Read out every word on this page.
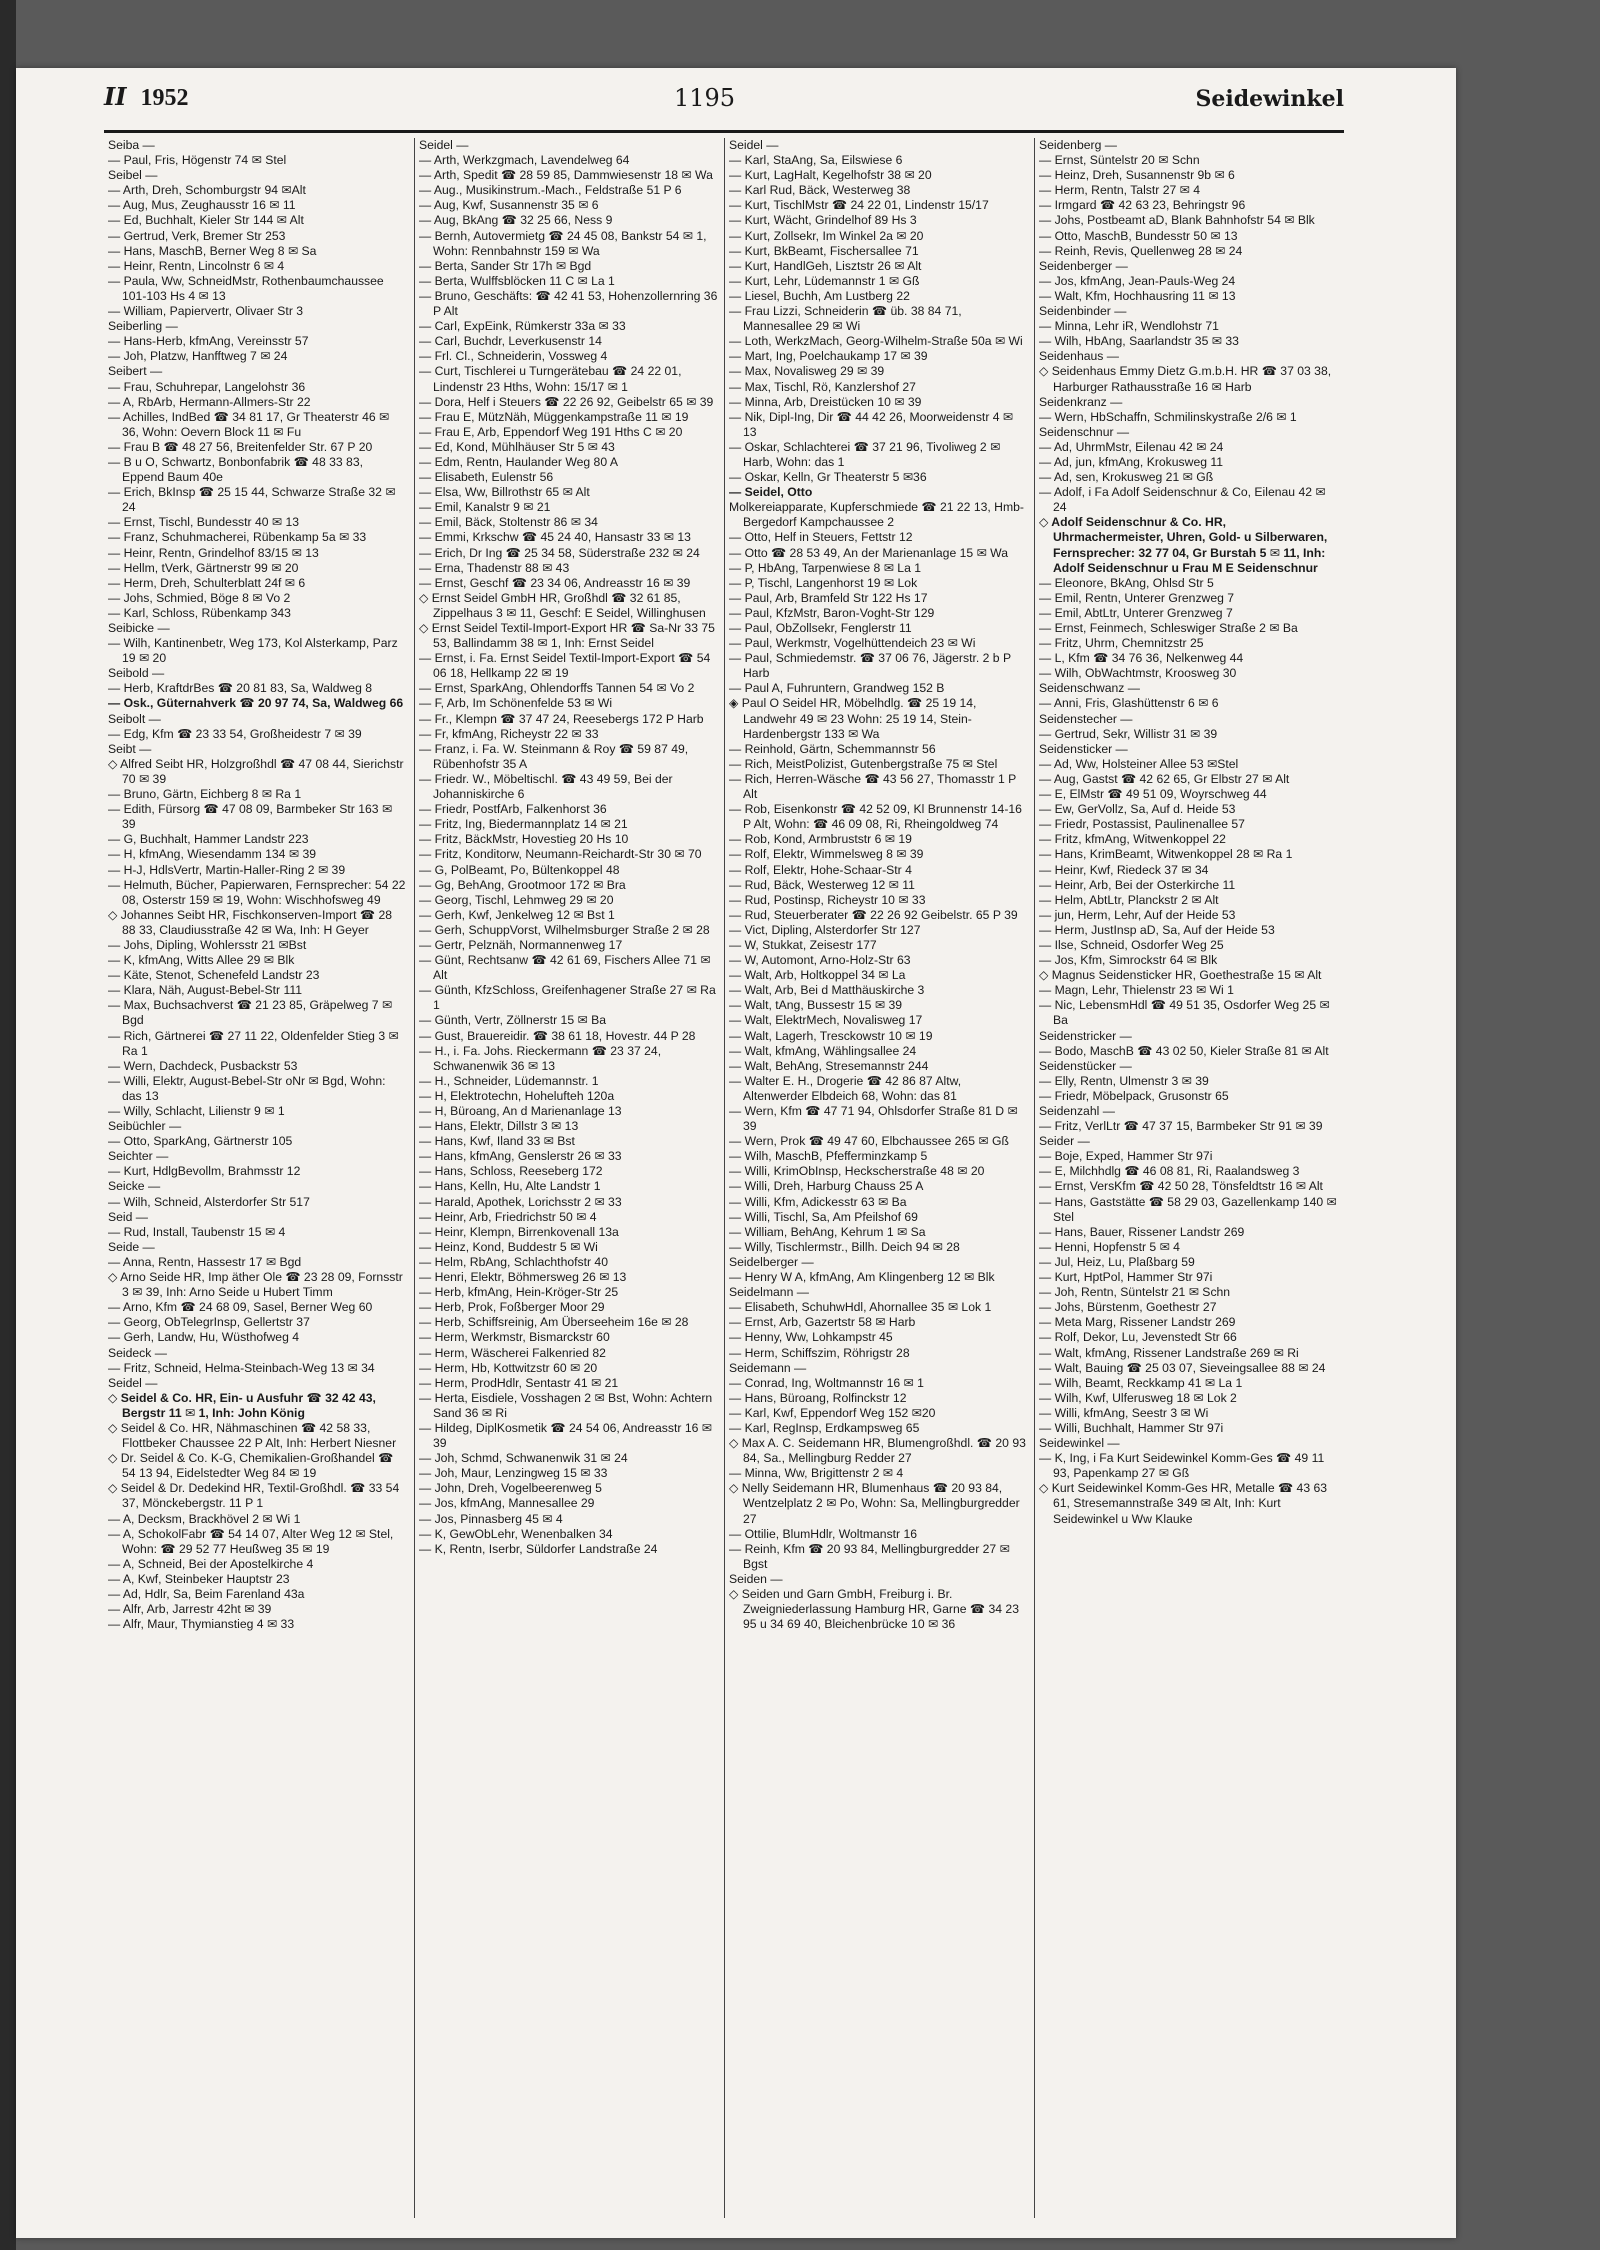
II 1952	1195	Seidewinkel

Seiba —

— Paul, Fris, Högenstr 74 ✉ Stel

Seibel —

— Arth, Dreh, Schomburgstr 94 ✉Alt

— Aug, Mus, Zeughausstr 16 ✉ 11

— Ed, Buchhalt, Kieler Str 144 ✉ Alt

— Gertrud, Verk, Bremer Str 253

— Hans, MaschB, Berner Weg 8 ✉ Sa

— Heinr, Rentn, Lincolnstr 6 ✉ 4

— Paula, Ww, SchneidMstr, Rothenbaumchaussee 101-103 Hs 4 ✉ 13

— William, Papiervertr, Olivaer Str 3

Seiberling —

— Hans-Herb, kfmAng, Vereinsstr 57

— Joh, Platzw, Hanfftweg 7 ✉ 24

Seibert —

— Frau, Schuhrepar, Langelohstr 36

— A, RbArb, Hermann-Allmers-Str 22

— Achilles, IndBed ☎ 34 81 17, Gr Theaterstr 46 ✉ 36, Wohn: Oevern Block 11 ✉ Fu

— Frau B ☎ 48 27 56, Breitenfelder Str. 67 P 20

— B u O, Schwartz, Bonbonfabrik ☎ 48 33 83, Eppend Baum 40e

— Erich, BkInsp ☎ 25 15 44, Schwarze Straße 32 ✉ 24

— Ernst, Tischl, Bundesstr 40 ✉ 13

— Franz, Schuhmacherei, Rübenkamp 5a ✉ 33

— Heinr, Rentn, Grindelhof 83/15 ✉ 13

— Hellm, tVerk, Gärtnerstr 99 ✉ 20

— Herm, Dreh, Schulterblatt 24f ✉ 6

— Johs, Schmied, Böge 8 ✉ Vo 2

— Karl, Schloss, Rübenkamp 343

Seibicke —

— Wilh, Kantinenbetr, Weg 173, Kol Alsterkamp, Parz 19 ✉ 20

Seibold —

— Herb, KraftdrBes ☎ 20 81 83, Sa, Waldweg 8

— Osk., Güternahverk ☎ 20 97 74, Sa, Waldweg 66

Seibolt —

— Edg, Kfm ☎ 23 33 54, Großheidestr 7 ✉ 39

Seibt —

◇ Alfred Seibt HR, Holzgroßhdl ☎ 47 08 44, Sierichstr 70 ✉ 39

— Bruno, Gärtn, Eichberg 8 ✉ Ra 1

— Edith, Fürsorg ☎ 47 08 09, Barmbeker Str 163 ✉ 39

— G, Buchhalt, Hammer Landstr 223

— H, kfmAng, Wiesendamm 134 ✉ 39

— H-J, HdlsVertr, Martin-Haller-Ring 2 ✉ 39

— Helmuth, Bücher, Papierwaren, Fernsprecher: 54 22 08, Osterstr 159 ✉ 19, Wohn: Wischhofsweg 49

◇ Johannes Seibt HR, Fischkonserven-Import ☎ 28 88 33, Claudiusstraße 42 ✉ Wa, Inh: H Geyer

— Johs, Dipling, Wohlersstr 21 ✉Bst

— K, kfmAng, Witts Allee 29 ✉ Blk

— Käte, Stenot, Schenefeld Landstr 23

— Klara, Näh, August-Bebel-Str 111

— Max, Buchsachverst ☎ 21 23 85, Gräpelweg 7 ✉ Bgd

— Rich, Gärtnerei ☎ 27 11 22, Oldenfelder Stieg 3 ✉ Ra 1

— Wern, Dachdeck, Pusbackstr 53

— Willi, Elektr, August-Bebel-Str oNr ✉ Bgd, Wohn: das 13

— Willy, Schlacht, Lilienstr 9 ✉ 1

Seibüchler —

— Otto, SparkAng, Gärtnerstr 105

Seichter —

— Kurt, HdlgBevollm, Brahmsstr 12

Seicke —

— Wilh, Schneid, Alsterdorfer Str 517

Seid —

— Rud, Install, Taubenstr 15 ✉ 4

Seide —

— Anna, Rentn, Hassestr 17 ✉ Bgd

◇ Arno Seide HR, Imp äther Ole ☎ 23 28 09, Fornsstr 3 ✉ 39, Inh: Arno Seide u Hubert Timm

— Arno, Kfm ☎ 24 68 09, Sasel, Berner Weg 60

— Georg, ObTelegrInsp, Gellertstr 37

— Gerh, Landw, Hu, Wüsthofweg 4

Seideck —

— Fritz, Schneid, Helma-Steinbach-Weg 13 ✉ 34

Seidel —

◇ Seidel & Co. HR, Ein- u Ausfuhr ☎ 32 42 43, Bergstr 11 ✉ 1, Inh: John König

◇ Seidel & Co. HR, Nähmaschinen ☎ 42 58 33, Flottbeker Chaussee 22 P Alt, Inh: Herbert Niesner

◇ Dr. Seidel & Co. K-G, Chemikalien-Großhandel ☎ 54 13 94, Eidelstedter Weg 84 ✉ 19

◇ Seidel & Dr. Dedekind HR, Textil-Großhdl. ☎ 33 54 37, Mönckebergstr. 11 P 1

— A, Decksm, Brackhövel 2 ✉ Wi 1

— A, SchokolFabr ☎ 54 14 07, Alter Weg 12 ✉ Stel, Wohn: ☎ 29 52 77 Heußweg 35 ✉ 19

— A, Schneid, Bei der Apostelkirche 4

— A, Kwf, Steinbeker Hauptstr 23

— Ad, Hdlr, Sa, Beim Farenland 43a

— Alfr, Arb, Jarrestr 42ht ✉ 39

— Alfr, Maur, Thymianstieg 4 ✉ 33

Seidel —

— Arth, Werkzgmach, Lavendelweg 64

— Arth, Spedit ☎ 28 59 85, Dammwiesenstr 18 ✉ Wa

— Aug., Musikinstrum.-Mach., Feldstraße 51 P 6

— Aug, Kwf, Susannenstr 35 ✉ 6

— Aug, BkAng ☎ 32 25 66, Ness 9

— Bernh, Autovermietg ☎ 24 45 08, Bankstr 54 ✉ 1, Wohn: Rennbahnstr 159 ✉ Wa

— Berta, Sander Str 17h ✉ Bgd

— Berta, Wulffsblöcken 11 C ✉ La 1

— Bruno, Geschäfts: ☎ 42 41 53, Hohenzollernring 36 P Alt

— Carl, ExpEink, Rümkerstr 33a ✉ 33

— Carl, Buchdr, Leverkusenstr 14

— Frl. Cl., Schneiderin, Vossweg 4

— Curt, Tischlerei u Turngerätebau ☎ 24 22 01, Lindenstr 23 Hths, Wohn: 15/17 ✉ 1

— Dora, Helf i Steuers ☎ 22 26 92, Geibelstr 65 ✉ 39

— Frau E, MützNäh, Müggenkampstraße 11 ✉ 19

— Frau E, Arb, Eppendorf Weg 191 Hths C ✉ 20

— Ed, Kond, Mühlhäuser Str 5 ✉ 43

— Edm, Rentn, Haulander Weg 80 A

— Elisabeth, Eulenstr 56

— Elsa, Ww, Billrothstr 65 ✉ Alt

— Emil, Kanalstr 9 ✉ 21

— Emil, Bäck, Stoltenstr 86 ✉ 34

— Emmi, Krkschw ☎ 45 24 40, Hansastr 33 ✉ 13

— Erich, Dr Ing ☎ 25 34 58, Süderstraße 232 ✉ 24

— Erna, Thadenstr 88 ✉ 43

— Ernst, Geschf ☎ 23 34 06, Andreasstr 16 ✉ 39

◇ Ernst Seidel GmbH HR, Großhdl ☎ 32 61 85, Zippelhaus 3 ✉ 11, Geschf: E Seidel, Willinghusen

◇ Ernst Seidel Textil-Import-Export HR ☎ Sa-Nr 33 75 53, Ballindamm 38 ✉ 1, Inh: Ernst Seidel

— Ernst, i. Fa. Ernst Seidel Textil-Import-Export ☎ 54 06 18, Hellkamp 22 ✉ 19

— Ernst, SparkAng, Ohlendorffs Tannen 54 ✉ Vo 2

— F, Arb, Im Schönenfelde 53 ✉ Wi

— Fr., Klempn ☎ 37 47 24, Reesebergs 172 P Harb

— Fr, kfmAng, Richeystr 22 ✉ 33

— Franz, i. Fa. W. Steinmann & Roy ☎ 59 87 49, Rübenhofstr 35 A

— Friedr. W., Möbeltischl. ☎ 43 49 59, Bei der Johanniskirche 6

— Friedr, PostfArb, Falkenhorst 36

— Fritz, Ing, Biedermannplatz 14 ✉ 21

— Fritz, BäckMstr, Hovestieg 20 Hs 10

— Fritz, Konditorw, Neumann-Reichardt-Str 30 ✉ 70

— G, PolBeamt, Po, Bültenkoppel 48

— Gg, BehAng, Grootmoor 172 ✉ Bra

— Georg, Tischl, Lehmweg 29 ✉ 20

— Gerh, Kwf, Jenkelweg 12 ✉ Bst 1

— Gerh, SchuppVorst, Wilhelmsburger Straße 2 ✉ 28

— Gertr, Pelznäh, Normannenweg 17

— Günt, Rechtsanw ☎ 42 61 69, Fischers Allee 71 ✉ Alt

— Günth, KfzSchloss, Greifenhagener Straße 27 ✉ Ra 1

— Günth, Vertr, Zöllnerstr 15 ✉ Ba

— Gust, Brauereidir. ☎ 38 61 18, Hovestr. 44 P 28

— H., i. Fa. Johs. Rieckermann ☎ 23 37 24, Schwanenwik 36 ✉ 13

— H., Schneider, Lüdemannstr. 1

— H, Elektrotechn, Hohelufteh 120a

— H, Büroang, An d Marienanlage 13

— Hans, Elektr, Dillstr 3 ✉ 13

— Hans, Kwf, Iland 33 ✉ Bst

— Hans, kfmAng, Genslerstr 26 ✉ 33

— Hans, Schloss, Reeseberg 172

— Hans, Kelln, Hu, Alte Landstr 1

— Harald, Apothek, Lorichsstr 2 ✉ 33

— Heinr, Arb, Friedrichstr 50 ✉ 4

— Heinr, Klempn, Birrenkovenall 13a

— Heinz, Kond, Buddestr 5 ✉ Wi

— Helm, RbAng, Schlachthofstr 40

— Henri, Elektr, Böhmersweg 26 ✉ 13

— Herb, kfmAng, Hein-Kröger-Str 25

— Herb, Prok, Foßberger Moor 29

— Herb, Schiffsreinig, Am Überseeheim 16e ✉ 28

— Herm, Werkmstr, Bismarckstr 60

— Herm, Wäscherei Falkenried 82

— Herm, Hb, Kottwitzstr 60 ✉ 20

— Herm, ProdHdlr, Sentastr 41 ✉ 21

— Herta, Eisdiele, Vosshagen 2 ✉ Bst, Wohn: Achtern Sand 36 ✉ Ri

— Hildeg, DiplKosmetik ☎ 24 54 06, Andreasstr 16 ✉ 39

— Joh, Schmd, Schwanenwik 31 ✉ 24

— Joh, Maur, Lenzingweg 15 ✉ 33

— John, Dreh, Vogelbeerenweg 5

— Jos, kfmAng, Mannesallee 29

— Jos, Pinnasberg 45 ✉ 4

— K, GewObLehr, Wenenbalken 34

— K, Rentn, Iserbr, Süldorfer Landstraße 24

Seidel —

— Karl, StaAng, Sa, Eilswiese 6

— Kurt, LagHalt, Kegelhofstr 38 ✉ 20

— Karl Rud, Bäck, Westerweg 38

— Kurt, TischlMstr ☎ 24 22 01, Lindenstr 15/17

— Kurt, Wächt, Grindelhof 89 Hs 3

— Kurt, Zollsekr, Im Winkel 2a ✉ 20

— Kurt, BkBeamt, Fischersallee 71

— Kurt, HandlGeh, Lisztstr 26 ✉ Alt

— Kurt, Lehr, Lüdemannstr 1 ✉ Gß

— Liesel, Buchh, Am Lustberg 22

— Frau Lizzi, Schneiderin ☎ üb. 38 84 71, Mannesallee 29 ✉ Wi

— Loth, WerkzMach, Georg-Wilhelm-Straße 50a ✉ Wi

— Mart, Ing, Poelchaukamp 17 ✉ 39

— Max, Novalisweg 29 ✉ 39

— Max, Tischl, Rö, Kanzlershof 27

— Minna, Arb, Dreistücken 10 ✉ 39

— Nik, Dipl-Ing, Dir ☎ 44 42 26, Moorweidenstr 4 ✉ 13

— Oskar, Schlachterei ☎ 37 21 96, Tivoliweg 2 ✉ Harb, Wohn: das 1

— Oskar, Kelln, Gr Theaterstr 5 ✉36

— Seidel, Otto

Molkereiapparate, Kupferschmiede ☎ 21 22 13, Hmb-Bergedorf Kampchaussee 2

— Otto, Helf in Steuers, Fettstr 12

— Otto ☎ 28 53 49, An der Marienanlage 15 ✉ Wa

— P, HbAng, Tarpenwiese 8 ✉ La 1

— P, Tischl, Langenhorst 19 ✉ Lok

— Paul, Arb, Bramfeld Str 122 Hs 17

— Paul, KfzMstr, Baron-Voght-Str 129

— Paul, ObZollsekr, Fenglerstr 11

— Paul, Werkmstr, Vogelhüttendeich 23 ✉ Wi

— Paul, Schmiedemstr. ☎ 37 06 76, Jägerstr. 2 b P Harb

— Paul A, Fuhruntern, Grandweg 152 B

◈ Paul O Seidel HR, Möbelhdlg. ☎ 25 19 14, Landwehr 49 ✉ 23 Wohn: 25 19 14, Stein-Hardenbergstr 133 ✉ Wa

— Reinhold, Gärtn, Schemmannstr 56

— Rich, MeistPolizist, Gutenbergstraße 75 ✉ Stel

— Rich, Herren-Wäsche ☎ 43 56 27, Thomasstr 1 P Alt

— Rob, Eisenkonstr ☎ 42 52 09, Kl Brunnenstr 14-16 P Alt, Wohn: ☎ 46 09 08, Ri, Rheingoldweg 74

— Rob, Kond, Armbruststr 6 ✉ 19

— Rolf, Elektr, Wimmelsweg 8 ✉ 39

— Rolf, Elektr, Hohe-Schaar-Str 4

— Rud, Bäck, Westerweg 12 ✉ 11

— Rud, Postinsp, Richeystr 10 ✉ 33

— Rud, Steuerberater ☎ 22 26 92 Geibelstr. 65 P 39

— Vict, Dipling, Alsterdorfer Str 127

— W, Stukkat, Zeisestr 177

— W, Automont, Arno-Holz-Str 63

— Walt, Arb, Holtkoppel 34 ✉ La

— Walt, Arb, Bei d Matthäuskirche 3

— Walt, tAng, Bussestr 15 ✉ 39

— Walt, ElektrMech, Novalisweg 17

— Walt, Lagerh, Tresckowstr 10 ✉ 19

— Walt, kfmAng, Wählingsallee 24

— Walt, BehAng, Stresemannstr 244

— Walter E. H., Drogerie ☎ 42 86 87 Altw, Altenwerder Elbdeich 68, Wohn: das 81

— Wern, Kfm ☎ 47 71 94, Ohlsdorfer Straße 81 D ✉ 39

— Wern, Prok ☎ 49 47 60, Elbchaussee 265 ✉ Gß

— Wilh, MaschB, Pfefferminzkamp 5

— Willi, KrimObInsp, Heckscherstraße 48 ✉ 20

— Willi, Dreh, Harburg Chauss 25 A

— Willi, Kfm, Adickesstr 63 ✉ Ba

— Willi, Tischl, Sa, Am Pfeilshof 69

— William, BehAng, Kehrum 1 ✉ Sa

— Willy, Tischlermstr., Billh. Deich 94 ✉ 28

Seidelberger —

— Henry W A, kfmAng, Am Klingenberg 12 ✉ Blk

Seidelmann —

— Elisabeth, SchuhwHdl, Ahornallee 35 ✉ Lok 1

— Ernst, Arb, Gazertstr 58 ✉ Harb

— Henny, Ww, Lohkampstr 45

— Herm, Schiffszim, Röhrigstr 28

Seidemann —

— Conrad, Ing, Woltmannstr 16 ✉ 1

— Hans, Büroang, Rolfinckstr 12

— Karl, Kwf, Eppendorf Weg 152 ✉20

— Karl, RegInsp, Erdkampsweg 65

◇ Max A. C. Seidemann HR, Blumengroßhdl. ☎ 20 93 84, Sa., Mellingburg Redder 27

— Minna, Ww, Brigittenstr 2 ✉ 4

◇ Nelly Seidemann HR, Blumenhaus ☎ 20 93 84, Wentzelplatz 2 ✉ Po, Wohn: Sa, Mellingburgredder 27

— Ottilie, BlumHdlr, Woltmanstr 16

— Reinh, Kfm ☎ 20 93 84, Mellingburgredder 27 ✉ Bgst

Seiden —

◇ Seiden und Garn GmbH, Freiburg i. Br. Zweigniederlassung Hamburg HR, Garne ☎ 34 23 95 u 34 69 40, Bleichenbrücke 10 ✉ 36

Seidenberg —

— Ernst, Süntelstr 20 ✉ Schn

— Heinz, Dreh, Susannenstr 9b ✉ 6

— Herm, Rentn, Talstr 27 ✉ 4

— Irmgard ☎ 42 63 23, Behringstr 96

— Johs, Postbeamt aD, Blank Bahnhofstr 54 ✉ Blk

— Otto, MaschB, Bundesstr 50 ✉ 13

— Reinh, Revis, Quellenweg 28 ✉ 24

Seidenberger —

— Jos, kfmAng, Jean-Pauls-Weg 24

— Walt, Kfm, Hochhausring 11 ✉ 13

Seidenbinder —

— Minna, Lehr iR, Wendlohstr 71

— Wilh, HbAng, Saarlandstr 35 ✉ 33

Seidenhaus —

◇ Seidenhaus Emmy Dietz G.m.b.H. HR ☎ 37 03 38, Harburger Rathausstraße 16 ✉ Harb

Seidenkranz —

— Wern, HbSchaffn, Schmilinskystraße 2/6 ✉ 1

Seidenschnur —

— Ad, UhrmMstr, Eilenau 42 ✉ 24

— Ad, jun, kfmAng, Krokusweg 11

— Ad, sen, Krokusweg 21 ✉ Gß

— Adolf, i Fa Adolf Seidenschnur & Co, Eilenau 42 ✉ 24

◇ Adolf Seidenschnur & Co. HR, Uhrmachermeister, Uhren, Gold- u Silberwaren, Fernsprecher: 32 77 04, Gr Burstah 5 ✉ 11, Inh: Adolf Seidenschnur u Frau M E Seidenschnur

— Eleonore, BkAng, Ohlsd Str 5

— Emil, Rentn, Unterer Grenzweg 7

— Emil, AbtLtr, Unterer Grenzweg 7

— Ernst, Feinmech, Schleswiger Straße 2 ✉ Ba

— Fritz, Uhrm, Chemnitzstr 25

— L, Kfm ☎ 34 76 36, Nelkenweg 44

— Wilh, ObWachtmstr, Krooswеg 30

Seidenschwanz —

— Anni, Fris, Glashüttenstr 6 ✉ 6

Seidenstecher —

— Gertrud, Sekr, Willistr 31 ✉ 39

Seidensticker —

— Ad, Ww, Holsteiner Allee 53 ✉Stel

— Aug, Gastst ☎ 42 62 65, Gr Elbstr 27 ✉ Alt

— E, ElMstr ☎ 49 51 09, Woyrschweg 44

— Ew, GerVollz, Sa, Auf d. Heide 53

— Friedr, Postassist, Paulinenallee 57

— Fritz, kfmAng, Witwenkoppel 22

— Hans, KrimBeamt, Witwenkoppel 28 ✉ Ra 1

— Heinr, Kwf, Riedeck 37 ✉ 34

— Heinr, Arb, Bei der Osterkirche 11

— Helm, AbtLtr, Planckstr 2 ✉ Alt

— jun, Herm, Lehr, Auf der Heide 53

— Herm, JustInsp aD, Sa, Auf der Heide 53

— Ilse, Schneid, Osdorfer Weg 25

— Jos, Kfm, Simrockstr 64 ✉ Blk

◇ Magnus Seidensticker HR, Goethestraße 15 ✉ Alt

— Magn, Lehr, Thielenstr 23 ✉ Wi 1

— Nic, LebensmHdl ☎ 49 51 35, Osdorfer Weg 25 ✉ Ba

Seidenstricker —

— Bodo, MaschB ☎ 43 02 50, Kieler Straße 81 ✉ Alt

Seidenstücker —

— Elly, Rentn, Ulmenstr 3 ✉ 39

— Friedr, Möbelpack, Grusonstr 65

Seidenzahl —

— Fritz, VerlLtr ☎ 47 37 15, Barmbeker Str 91 ✉ 39

Seider —

— Boje, Exped, Hammer Str 97i

— E, Milchhdlg ☎ 46 08 81, Ri, Raalandsweg 3

— Ernst, VersKfm ☎ 42 50 28, Tönsfeldtstr 16 ✉ Alt

— Hans, Gaststätte ☎ 58 29 03, Gazellenkamp 140 ✉ Stel

— Hans, Bauer, Rissener Landstr 269

— Henni, Hopfenstr 5 ✉ 4

— Jul, Heiz, Lu, Plaßbarg 59

— Kurt, HptPol, Hammer Str 97i

— Joh, Rentn, Süntelstr 21 ✉ Schn

— Johs, Bürstenm, Goethestr 27

— Meta Marg, Rissener Landstr 269

— Rolf, Dekor, Lu, Jevenstedt Str 66

— Walt, kfmAng, Rissener Landstraße 269 ✉ Ri

— Walt, Bauing ☎ 25 03 07, Sieveingsallee 88 ✉ 24

— Wilh, Beamt, Reckkamp 41 ✉ La 1

— Wilh, Kwf, Ulferusweg 18 ✉ Lok 2

— Willi, kfmAng, Seestr 3 ✉ Wi

— Willi, Buchhalt, Hammer Str 97i

Seidewinkel —

— K, Ing, i Fa Kurt Seidewinkel Komm-Ges ☎ 49 11 93, Papenkamp 27 ✉ Gß

◇ Kurt Seidewinkel Komm-Ges HR, Metalle ☎ 43 63 61, Stresemannstraße 349 ✉ Alt, Inh: Kurt Seidewinkel u Ww Klauke
